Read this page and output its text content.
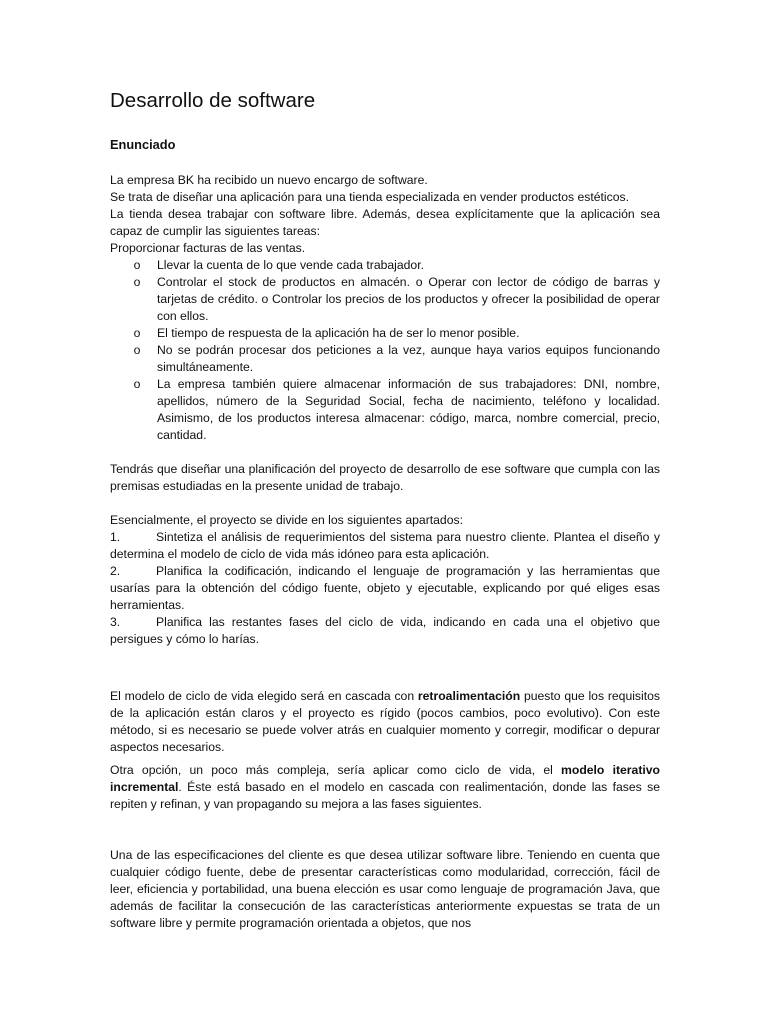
Desarrollo de software
Enunciado

La empresa BK ha recibido un nuevo encargo de software.

Se trata de diseñar una aplicación para una tienda especializada en vender productos estéticos.

La tienda desea trabajar con software libre. Además, desea explícitamente que la aplicación sea capaz de cumplir las siguientes tareas:

Proporcionar facturas de las ventas.

o Llevar la cuenta de lo que vende cada trabajador.
o Controlar el stock de productos en almacén. o Operar con lector de código de barras y tarjetas de crédito. o Controlar los precios de los productos y ofrecer la posibilidad de operar con ellos.
o El tiempo de respuesta de la aplicación ha de ser lo menor posible.
o No se podrán procesar dos peticiones a la vez, aunque haya varios equipos funcionando simultáneamente.
o La empresa también quiere almacenar información de sus trabajadores: DNI, nombre, apellidos, número de la Seguridad Social, fecha de nacimiento, teléfono y localidad. Asimismo, de los productos interesa almacenar: código, marca, nombre comercial, precio, cantidad.

Tendrás que diseñar una planificación del proyecto de desarrollo de ese software que cumpla con las premisas estudiadas en la presente unidad de trabajo.

Esencialmente, el proyecto se divide en los siguientes apartados:

1.	Sintetiza el análisis de requerimientos del sistema para nuestro cliente. Plantea el diseño y determina el modelo de ciclo de vida más idóneo para esta aplicación.

2.	Planifica la codificación, indicando el lenguaje de programación y las herramientas que usarías para la obtención del código fuente, objeto y ejecutable, explicando por qué eliges esas herramientas.

3.	Planifica las restantes fases del ciclo de vida, indicando en cada una el objetivo que persigues y cómo lo harías.

El modelo de ciclo de vida elegido será en cascada con retroalimentación puesto que los requisitos de la aplicación están claros y el proyecto es rígido (pocos cambios, poco evolutivo). Con este método, si es necesario se puede volver atrás en cualquier momento y corregir, modificar o depurar aspectos necesarios.

Otra opción, un poco más compleja, sería aplicar como ciclo de vida, el modelo iterativo incremental. Éste está basado en el modelo en cascada con realimentación, donde las fases se repiten y refinan, y van propagando su mejora a las fases siguientes.

Una de las especificaciones del cliente es que desea utilizar software libre. Teniendo en cuenta que cualquier código fuente, debe de presentar características como modularidad, corrección, fácil de leer, eficiencia y portabilidad, una buena elección es usar como lenguaje de programación Java, que además de facilitar la consecución de las características anteriormente expuestas se trata de un software libre y permite programación orientada a objetos, que nos
